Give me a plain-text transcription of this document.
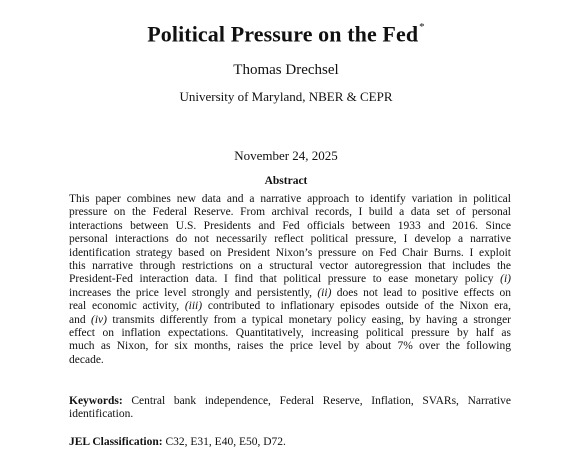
Political Pressure on the Fed*
Thomas Drechsel
University of Maryland, NBER & CEPR
November 24, 2025
Abstract
This paper combines new data and a narrative approach to identify variation in political
pressure on the Federal Reserve. From archival records, I build a data set of personal
interactions between U.S. Presidents and Fed officials between 1933 and 2016. Since
personal interactions do not necessarily reflect political pressure, I develop a narrative
identification strategy based on President Nixon’s pressure on Fed Chair Burns. I exploit
this narrative through restrictions on a structural vector autoregression that includes the
President-Fed interaction data. I find that political pressure to ease monetary policy (i)
increases the price level strongly and persistently, (ii) does not lead to positive effects on
real economic activity, (iii) contributed to inflationary episodes outside of the Nixon era,
and (iv) transmits differently from a typical monetary policy easing, by having a stronger
effect on inflation expectations. Quantitatively, increasing political pressure by half as
much as Nixon, for six months, raises the price level by about 7% over the following
decade.
Keywords: Central bank independence, Federal Reserve, Inflation, SVARs, Narrative
identification.
JEL Classification: C32, E31, E40, E50, D72.
